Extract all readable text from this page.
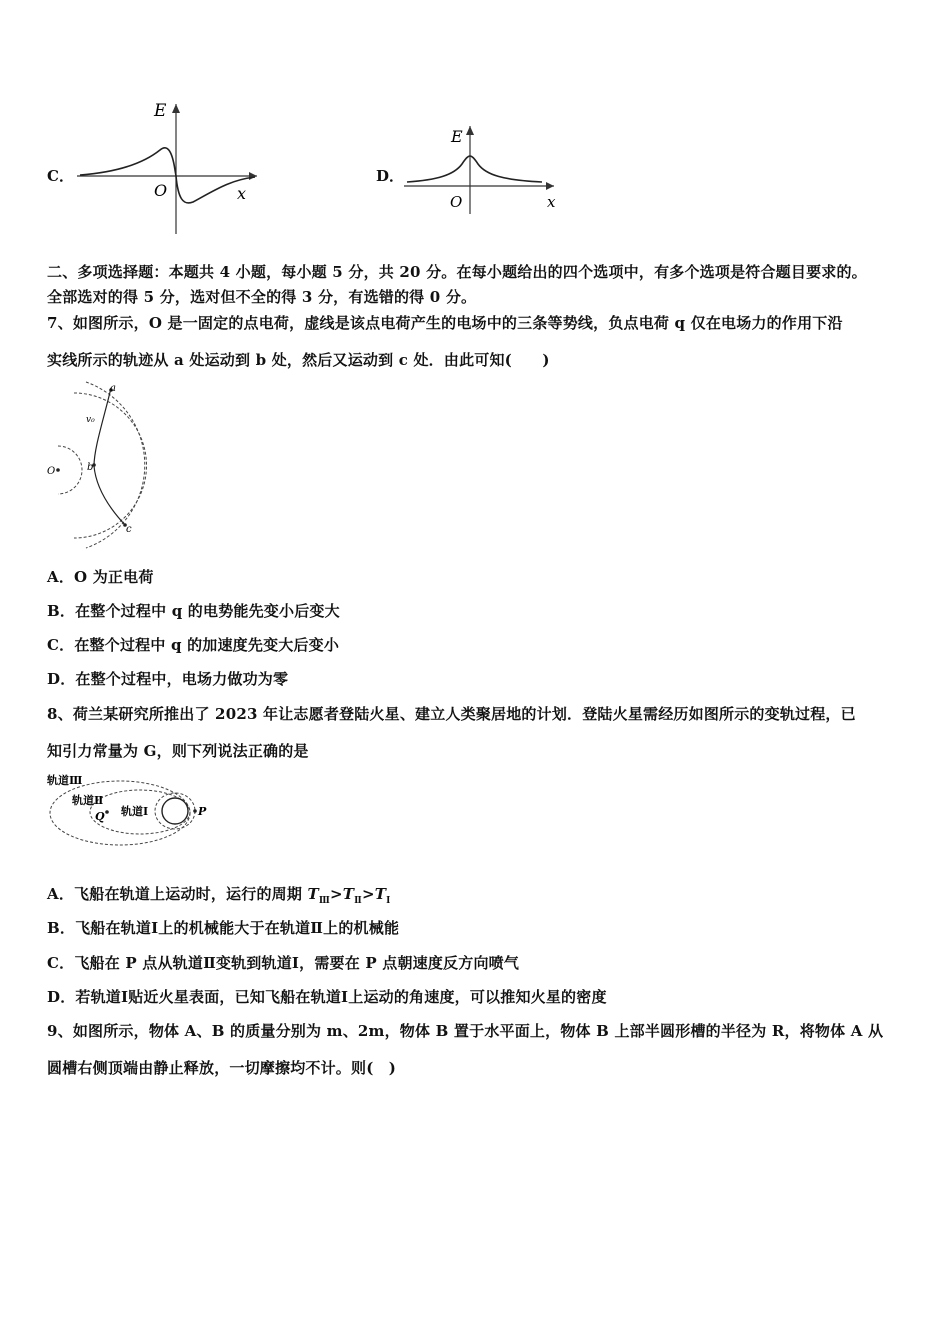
C．
E
O	x
D．
E
O	x
二、多项选择题：本题共 4 小题，每小题 5 分，共 20 分。在每小题给出的四个选项中，有多个选项是符合题目要求的。
全部选对的得 5 分，选对但不全的得 3 分，有选错的得 0 分。
7、如图所示，O 是一固定的点电荷，虚线是该点电荷产生的电场中的三条等势线，负点电荷 q 仅在电场力的作用下沿
实线所示的轨迹从 a 处运动到 b 处，然后又运动到 c 处．由此可知(　　)
O
a
v₀
b
c
A．O 为正电荷
B．在整个过程中 q 的电势能先变小后变大
C．在整个过程中 q 的加速度先变大后变小
D．在整个过程中，电场力做功为零
8、荷兰某研究所推出了 2023 年让志愿者登陆火星、建立人类聚居地的计划．登陆火星需经历如图所示的变轨过程，已
知引力常量为 G，则下列说法正确的是
轨道Ⅲ
轨道Ⅱ
轨道Ⅰ
Q	P
A．飞船在轨道上运动时，运行的周期 $T_Ⅲ>T_Ⅱ>T_Ⅰ$
B．飞船在轨道Ⅰ上的机械能大于在轨道Ⅱ上的机械能
C．飞船在 P 点从轨道Ⅱ变轨到轨道Ⅰ，需要在 P 点朝速度反方向喷气
D．若轨道Ⅰ贴近火星表面，已知飞船在轨道Ⅰ上运动的角速度，可以推知火星的密度
9、如图所示，物体 A、B 的质量分别为 m、2m，物体 B 置于水平面上，物体 B 上部半圆形槽的半径为 R，将物体 A 从
圆槽右侧顶端由静止释放，一切摩擦均不计。则(　)
